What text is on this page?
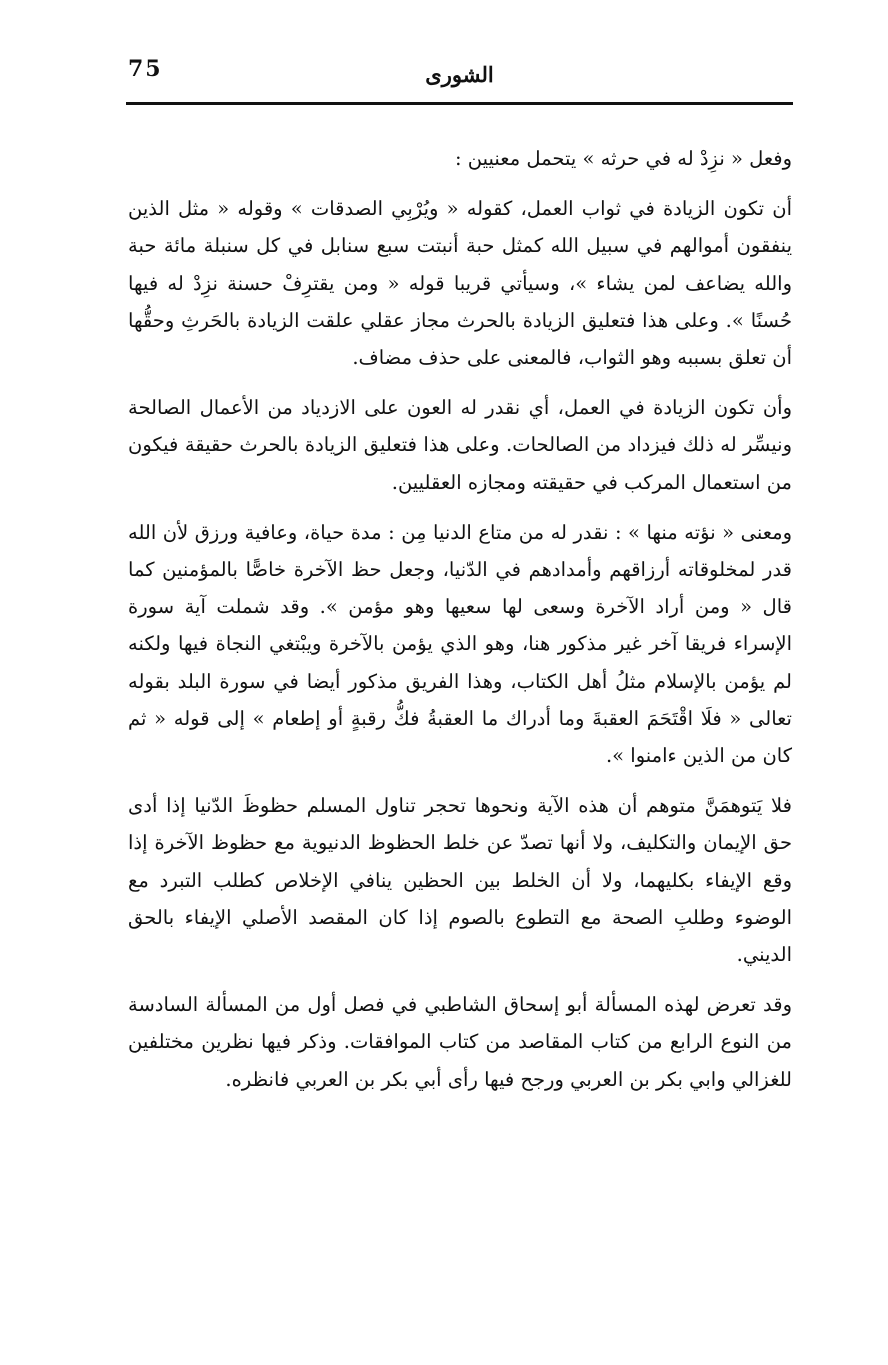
75	الشورى

وفعل « نزِدْ له في حرثه » يتحمل معنيين :

أن تكون الزيادة في ثواب العمل، كقوله « ويُرْبِي الصدقات » وقوله « مثل الذين ينفقون أموالهم في سبيل الله كمثل حبة أنبتت سبع سنابل في كل سنبلة مائة حبة والله يضاعف لمن يشاء »، وسيأتي قريبا قوله « ومن يقترِفْ حسنة نزِدْ له فيها حُسنًا ». وعلى هذا فتعليق الزيادة بالحرث مجاز عقلي علقت الزيادة بالحَرثِ وحقُّها أن تعلق بسببه وهو الثواب، فالمعنى على حذف مضاف.

وأن تكون الزيادة في العمل، أي نقدر له العون على الازدياد من الأعمال الصالحة ونيسِّر له ذلك فيزداد من الصالحات. وعلى هذا فتعليق الزيادة بالحرث حقيقة فيكون من استعمال المركب في حقيقته ومجازه العقليين.

ومعنى « نؤته منها » : نقدر له من متاع الدنيا مِن : مدة حياة، وعافية ورزق لأن الله قدر لمخلوقاته أرزاقهم وأمدادهم في الدّنيا، وجعل حظ الآخرة خاصًّا بالمؤمنين كما قال « ومن أراد الآخرة وسعى لها سعيها وهو مؤمن ». وقد شملت آية سورة الإسراء فريقا آخر غير مذكور هنا، وهو الذي يؤمن بالآخرة ويبْتغي النجاة فيها ولكنه لم يؤمن بالإسلام مثلُ أهل الكتاب، وهذا الفريق مذكور أيضا في سورة البلد بقوله تعالى « فلَا اقْتَحَمَ العقبةَ وما أدراك ما العقبةُ فكُّ رقبةٍ أو إطعام » إلى قوله « ثم كان من الذين ءامنوا ».

فلا يَتوهمَنَّ متوهم أن هذه الآية ونحوها تحجر تناول المسلم حظوظَ الدّنيا إذا أدى حق الإيمان والتكليف، ولا أنها تصدّ عن خلط الحظوظ الدنيوية مع حظوظ الآخرة إذا وقع الإيفاء بكليهما، ولا أن الخلط بين الحظين ينافي الإخلاص كطلب التبرد مع الوضوء وطلبِ الصحة مع التطوع بالصوم إذا كان المقصد الأصلي الإيفاء بالحق الديني.

وقد تعرض لهذه المسألة أبو إسحاق الشاطبي في فصل أول من المسألة السادسة من النوع الرابع من كتاب المقاصد من كتاب الموافقات. وذكر فيها نظرين مختلفين للغزالي وابي بكر بن العربي ورجح فيها رأى أبي بكر بن العربي فانظره.
